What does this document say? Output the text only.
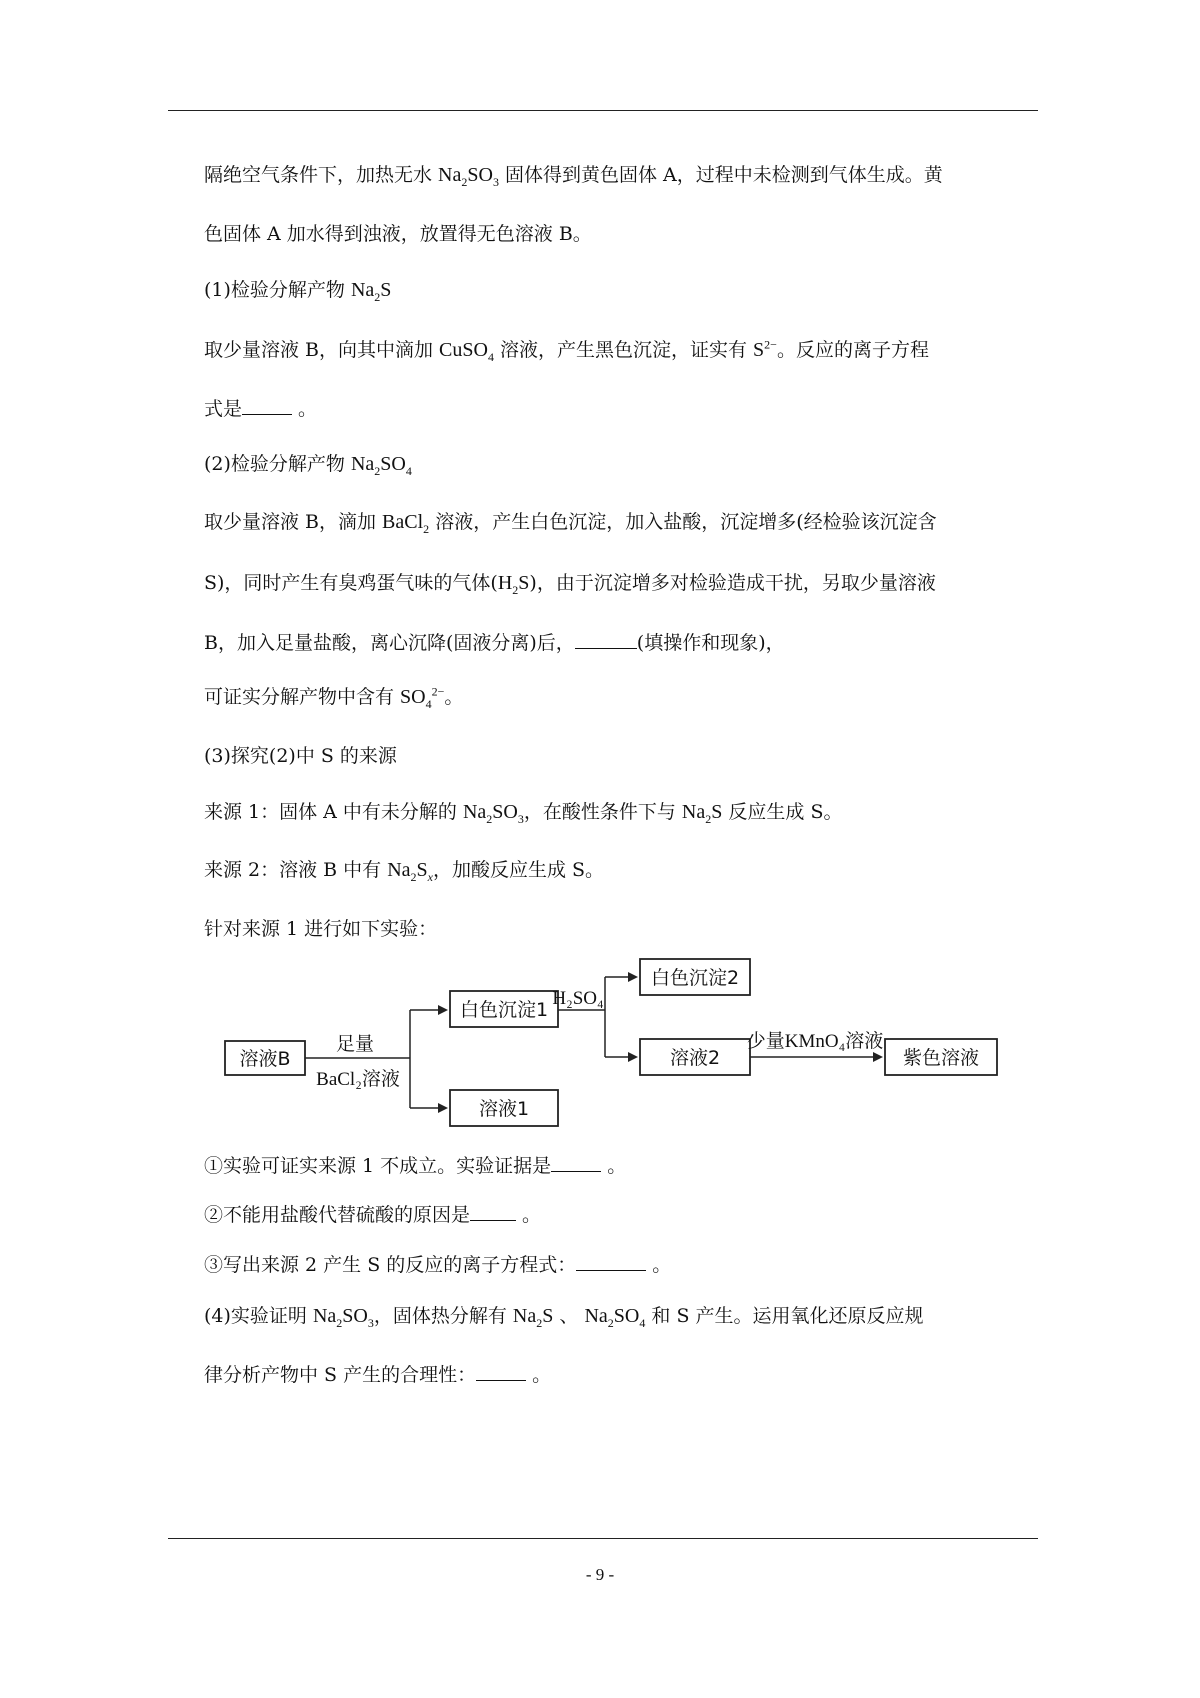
隔绝空气条件下，加热无水 $Na_2SO_3$ 固体得到黄色固体 A，过程中未检测到气体生成。黄
色固体 A 加水得到浊液，放置得无色溶液 B。
(1)检验分解产物 $Na_2S$
取少量溶液 B，向其中滴加 CuSO$_4$ 溶液，产生黑色沉淀，证实有 $S^{2-}$。反应的离子方程
式是	。
(2)检验分解产物 $Na_2SO_4$
取少量溶液 B，滴加 BaCl$_2$ 溶液，产生白色沉淀，加入盐酸，沉淀增多(经检验该沉淀含
S)，同时产生有臭鸡蛋气味的气体$(H_2S)$，由于沉淀增多对检验造成干扰，另取少量溶液
B，加入足量盐酸，离心沉降(固液分离)后，	(填操作和现象)，
可证实分解产物中含有 $SO_4^{2-}$。
(3)探究(2)中 S 的来源
来源 1：固体 A 中有未分解的 $Na_2SO_3$，在酸性条件下与 $Na_2S$ 反应生成 S。
来源 2：溶液 B 中有 $Na_2S_x$，加酸反应生成 S。
针对来源 1 进行如下实验：
溶液B
足量
BaCl₂溶液
白色沉淀1
溶液1
H₂SO₄
白色沉淀2
溶液2
少量KMnO₄溶液
紫色溶液
①实验可证实来源 1 不成立。实验证据是	。
②不能用盐酸代替硫酸的原因是 。
③写出来源 2 产生 S 的反应的离子方程式：	。
(4)实验证明 $Na_2SO_3$，固体热分解有 $Na_2S$ 、 $Na_2SO_4$ 和 S 产生。运用氧化还原反应规
律分析产物中 S 产生的合理性：	。
- 9 -
